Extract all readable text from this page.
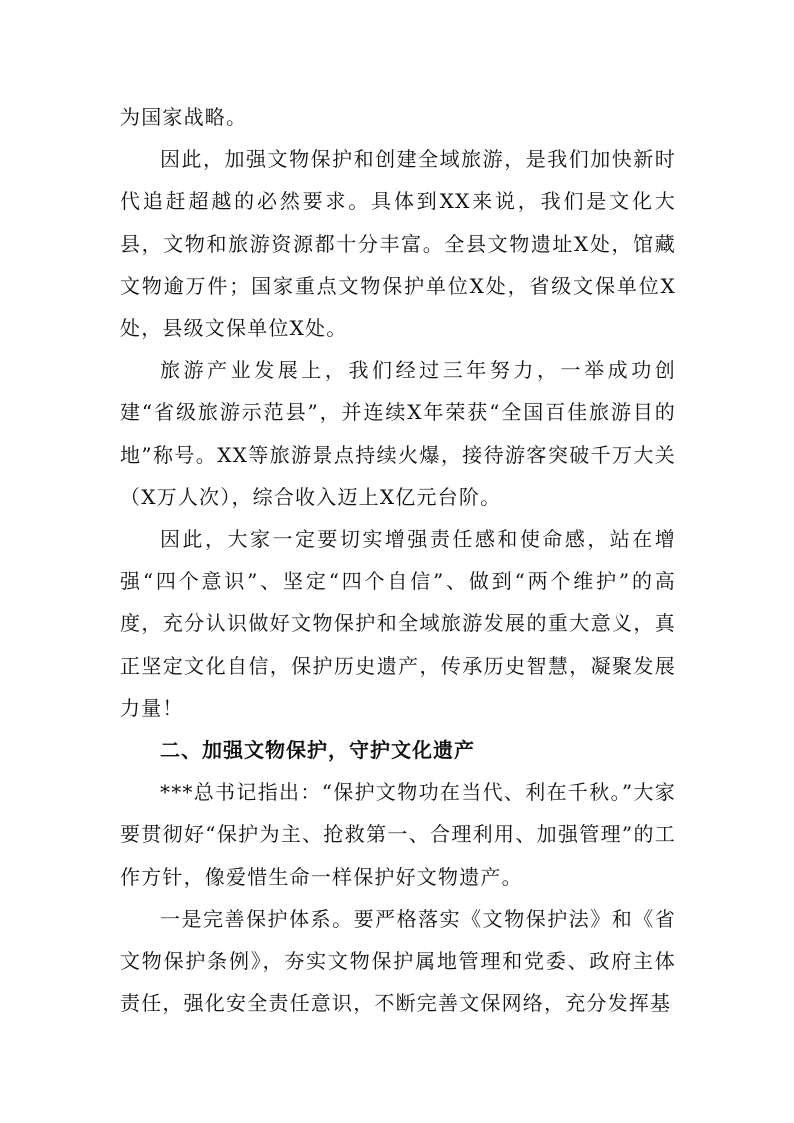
为国家战略。

因此，加强文物保护和创建全域旅游，是我们加快新时代追赶超越的必然要求。具体到XX来说，我们是文化大县，文物和旅游资源都十分丰富。全县文物遗址X处，馆藏文物逾万件；国家重点文物保护单位X处，省级文保单位X处，县级文保单位X处。

旅游产业发展上，我们经过三年努力，一举成功创建“省级旅游示范县”，并连续X年荣获“全国百佳旅游目的地”称号。XX等旅游景点持续火爆，接待游客突破千万大关（X万人次），综合收入迈上X亿元台阶。

因此，大家一定要切实增强责任感和使命感，站在增强“四个意识”、坚定“四个自信”、做到“两个维护”的高度，充分认识做好文物保护和全域旅游发展的重大意义，真正坚定文化自信，保护历史遗产，传承历史智慧，凝聚发展力量！

二、加强文物保护，守护文化遗产

***总书记指出：“保护文物功在当代、利在千秋。”大家要贯彻好“保护为主、抢救第一、合理利用、加强管理”的工作方针，像爱惜生命一样保护好文物遗产。

一是完善保护体系。要严格落实《文物保护法》和《省文物保护条例》，夯实文物保护属地管理和党委、政府主体责任，强化安全责任意识，不断完善文保网络，充分发挥基
